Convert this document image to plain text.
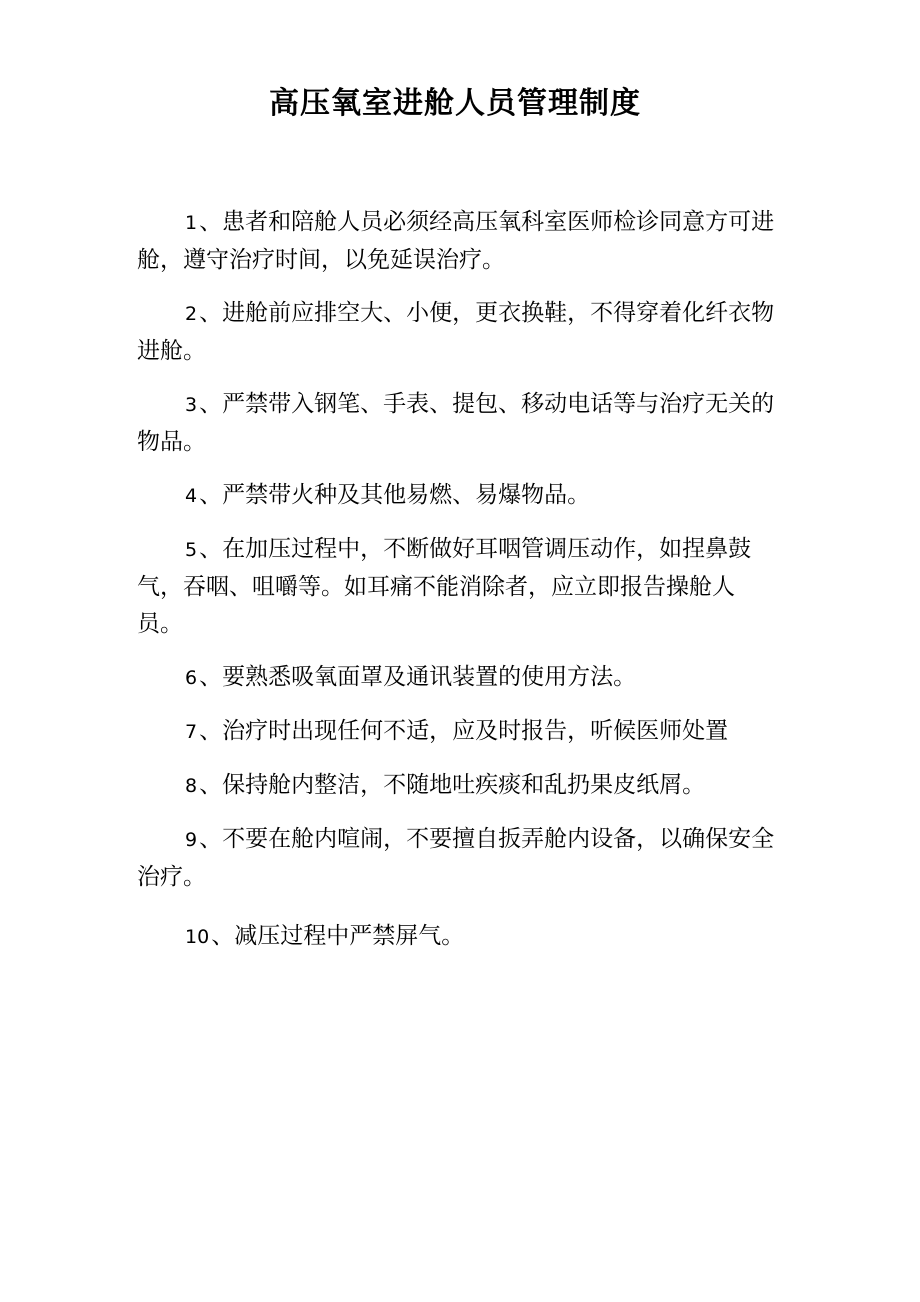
高压氧室进舱人员管理制度

1、患者和陪舱人员必须经高压氧科室医师检诊同意方可进舱，遵守治疗时间，以免延误治疗。

2、进舱前应排空大、小便，更衣换鞋，不得穿着化纤衣物进舱。

3、严禁带入钢笔、手表、提包、移动电话等与治疗无关的物品。

4、严禁带火种及其他易燃、易爆物品。

5、在加压过程中，不断做好耳咽管调压动作，如捏鼻鼓气，吞咽、咀嚼等。如耳痛不能消除者，应立即报告操舱人员。

6、要熟悉吸氧面罩及通讯装置的使用方法。

7、治疗时出现任何不适，应及时报告，听候医师处置

8、保持舱内整洁，不随地吐疾痰和乱扔果皮纸屑。

9、不要在舱内喧闹，不要擅自扳弄舱内设备，以确保安全治疗。

10、减压过程中严禁屏气。
